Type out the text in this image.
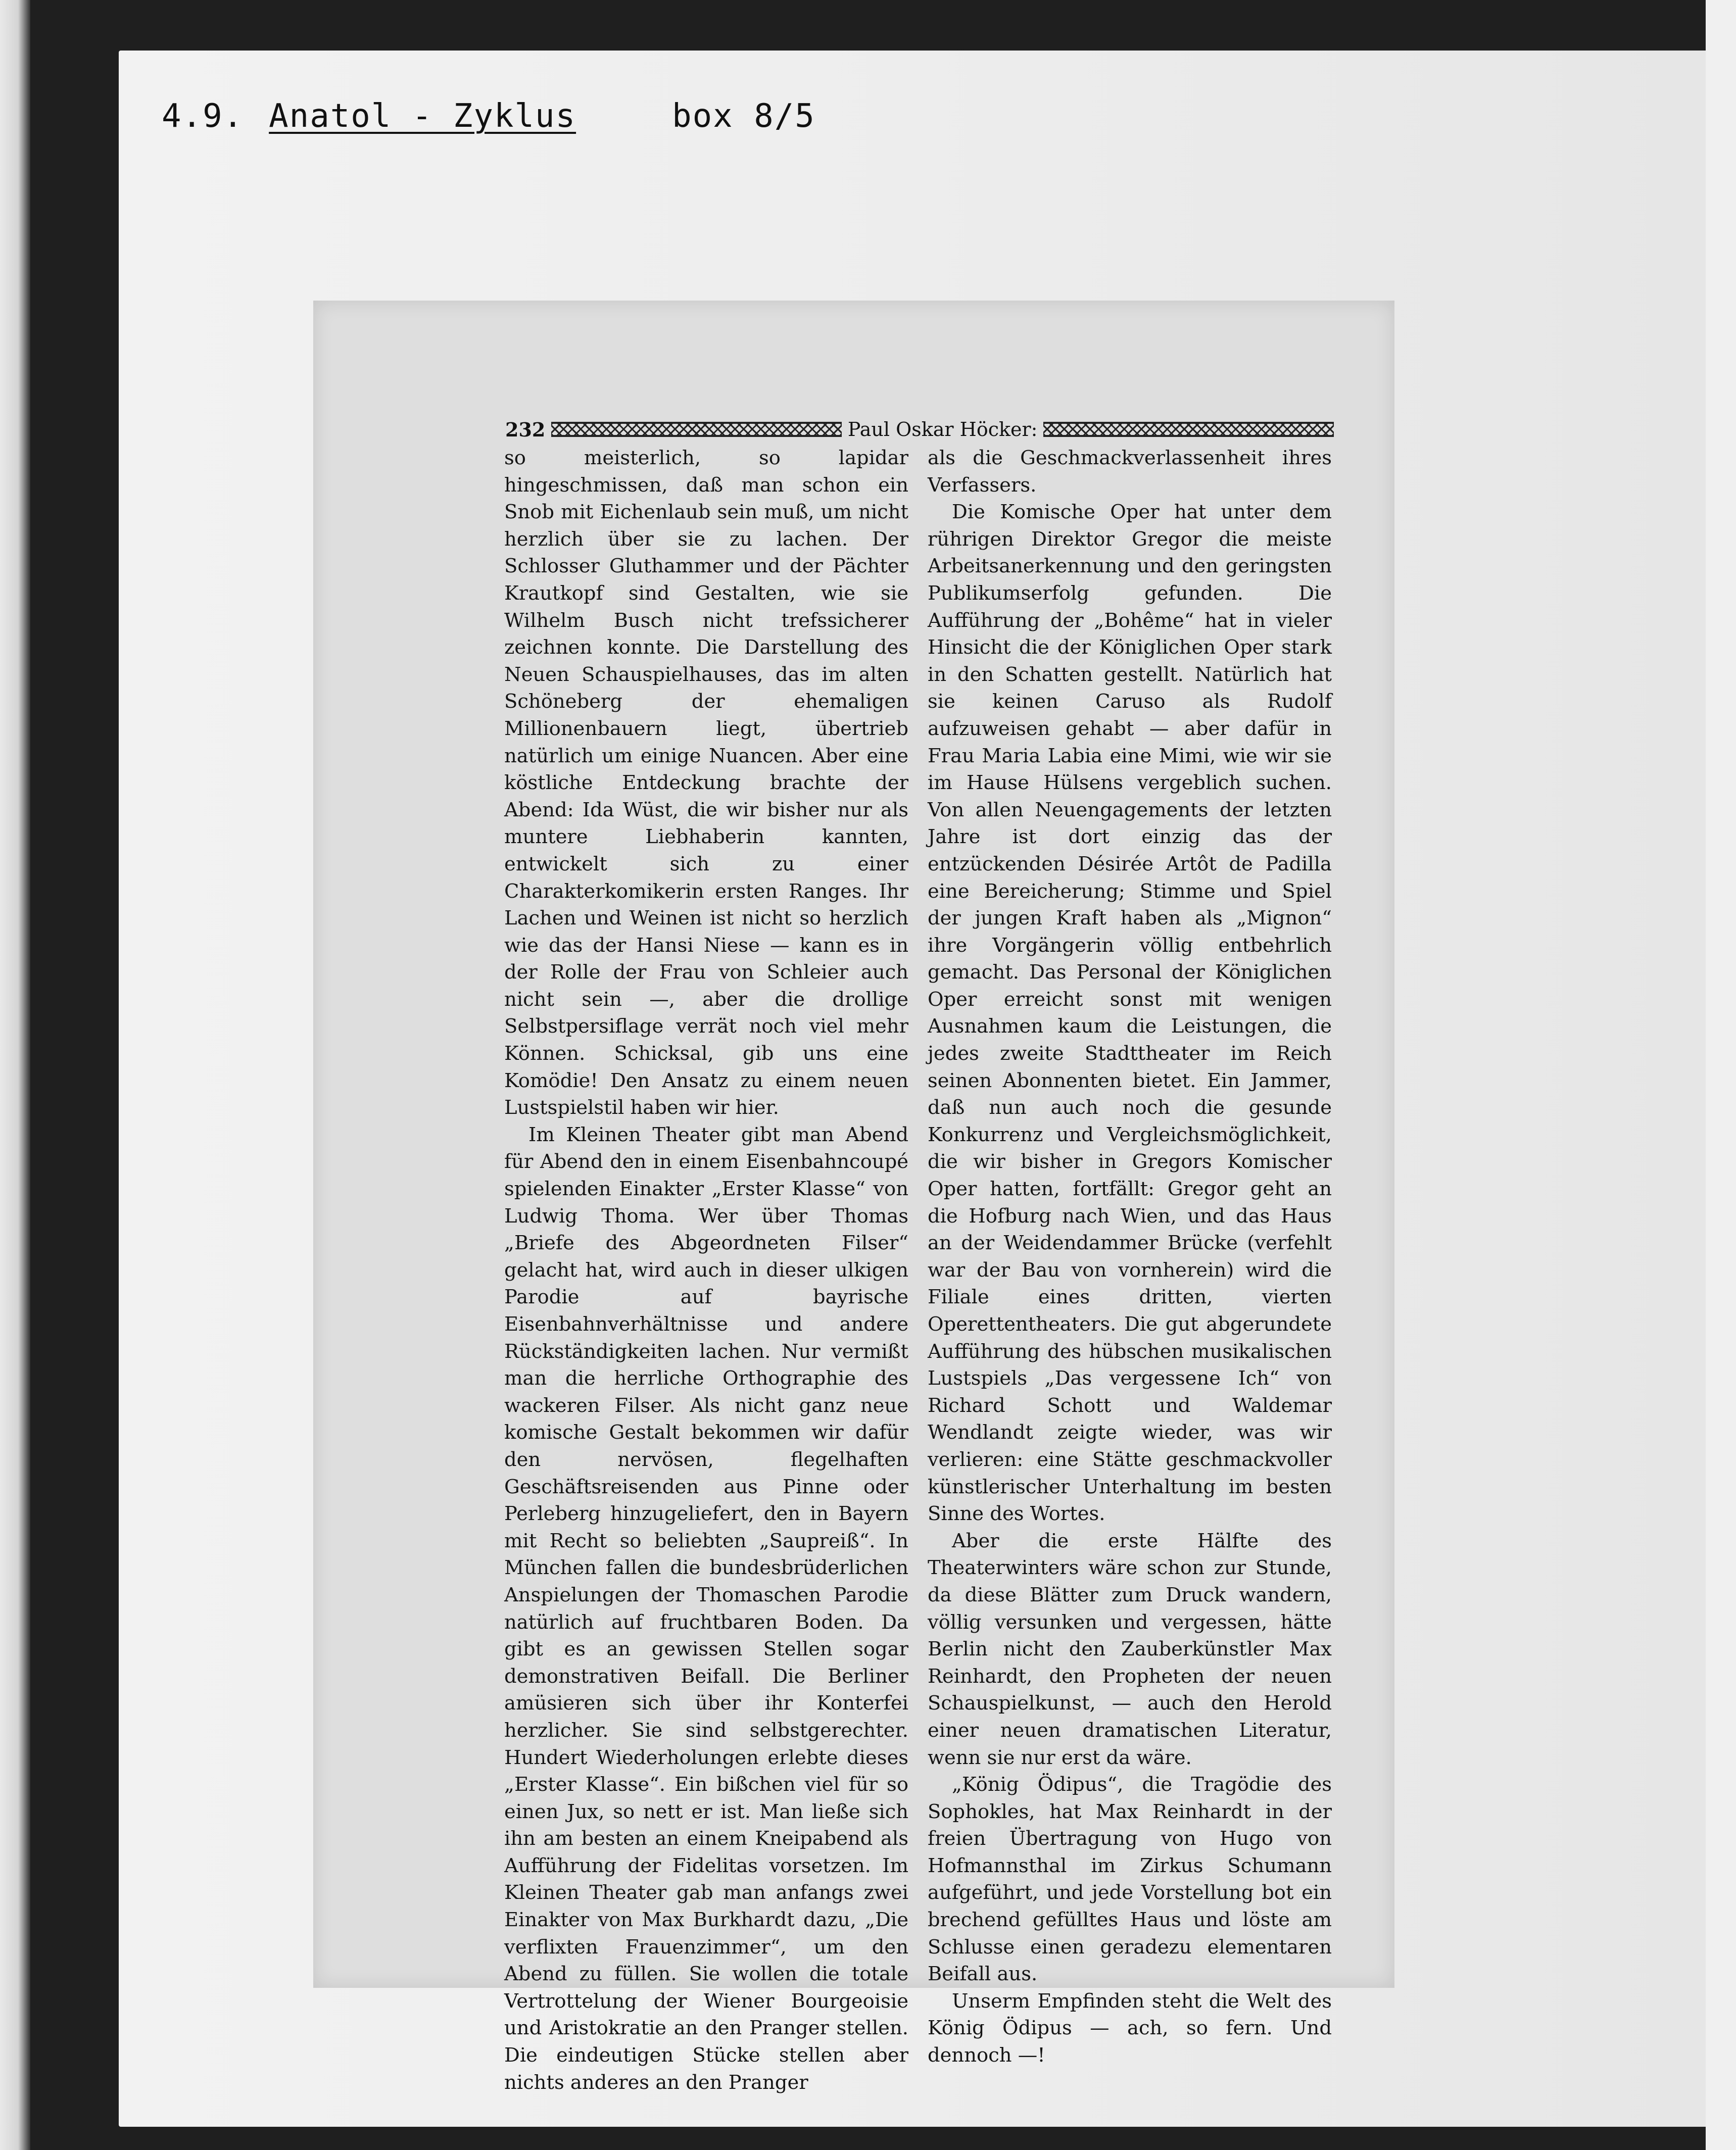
4.9. Anatol - Zyklus	box 8/5
232	Paul Oskar Höcker:

so meisterlich, so lapidar hingeschmissen, daß man schon ein Snob mit Eichenlaub sein muß, um nicht herzlich über sie zu lachen. Der Schlosser Gluthammer und der Pächter Krautkopf sind Gestalten, wie sie Wilhelm Busch nicht trefssicherer zeichnen konnte. Die Darstellung des Neuen Schauspielhauses, das im alten Schöneberg der ehemaligen Millionenbauern liegt, übertrieb natürlich um einige Nuancen. Aber eine köstliche Entdeckung brachte der Abend: Ida Wüst, die wir bisher nur als muntere Liebhaberin kannten, entwickelt sich zu einer Charakterkomikerin ersten Ranges. Ihr Lachen und Weinen ist nicht so herzlich wie das der Hansi Niese — kann es in der Rolle der Frau von Schleier auch nicht sein —, aber die drollige Selbstpersiflage verrät noch viel mehr Können. Schicksal, gib uns eine Komödie! Den Ansatz zu einem neuen Lustspielstil haben wir hier.

Im Kleinen Theater gibt man Abend für Abend den in einem Eisenbahncoupé spielenden Einakter „Erster Klasse“ von Ludwig Thoma. Wer über Thomas „Briefe des Abgeordneten Filser“ gelacht hat, wird auch in dieser ulkigen Parodie auf bayrische Eisenbahnverhältnisse und andere Rückständigkeiten lachen. Nur vermißt man die herrliche Orthographie des wackeren Filser. Als nicht ganz neue komische Gestalt bekommen wir dafür den nervösen, flegelhaften Geschäftsreisenden aus Pinne oder Perleberg hinzugeliefert, den in Bayern mit Recht so beliebten „Saupreiß“. In München fallen die bundesbrüderlichen Anspielungen der Thomaschen Parodie natürlich auf fruchtbaren Boden. Da gibt es an gewissen Stellen sogar demonstrativen Beifall. Die Berliner amüsieren sich über ihr Konterfei herzlicher. Sie sind selbstgerechter. Hundert Wiederholungen erlebte dieses „Erster Klasse“. Ein bißchen viel für so einen Jux, so nett er ist. Man ließe sich ihn am besten an einem Kneipabend als Aufführung der Fidelitas vorsetzen. Im Kleinen Theater gab man anfangs zwei Einakter von Max Burkhardt dazu, „Die verflixten Frauenzimmer“, um den Abend zu füllen. Sie wollen die totale Vertrottelung der Wiener Bourgeoisie und Aristokratie an den Pranger stellen. Die eindeutigen Stücke stellen aber nichts anderes an den Pranger

als die Geschmackverlassenheit ihres Verfassers.

Die Komische Oper hat unter dem rührigen Direktor Gregor die meiste Arbeitsanerkennung und den geringsten Publikumserfolg gefunden. Die Aufführung der „Bohême“ hat in vieler Hinsicht die der Königlichen Oper stark in den Schatten gestellt. Natürlich hat sie keinen Caruso als Rudolf aufzuweisen gehabt — aber dafür in Frau Maria Labia eine Mimi, wie wir sie im Hause Hülsens vergeblich suchen. Von allen Neuengagements der letzten Jahre ist dort einzig das der entzückenden Désirée Artôt de Padilla eine Bereicherung; Stimme und Spiel der jungen Kraft haben als „Mignon“ ihre Vorgängerin völlig entbehrlich gemacht. Das Personal der Königlichen Oper erreicht sonst mit wenigen Ausnahmen kaum die Leistungen, die jedes zweite Stadttheater im Reich seinen Abonnenten bietet. Ein Jammer, daß nun auch noch die gesunde Konkurrenz und Vergleichsmöglichkeit, die wir bisher in Gregors Komischer Oper hatten, fortfällt: Gregor geht an die Hofburg nach Wien, und das Haus an der Weidendammer Brücke (verfehlt war der Bau von vornherein) wird die Filiale eines dritten, vierten Operettentheaters. Die gut abgerundete Aufführung des hübschen musikalischen Lustspiels „Das vergessene Ich“ von Richard Schott und Waldemar Wendlandt zeigte wieder, was wir verlieren: eine Stätte geschmackvoller künstlerischer Unterhaltung im besten Sinne des Wortes.

Aber die erste Hälfte des Theaterwinters wäre schon zur Stunde, da diese Blätter zum Druck wandern, völlig versunken und vergessen, hätte Berlin nicht den Zauberkünstler Max Reinhardt, den Propheten der neuen Schauspielkunst, — auch den Herold einer neuen dramatischen Literatur, wenn sie nur erst da wäre.

„König Ödipus“, die Tragödie des Sophokles, hat Max Reinhardt in der freien Übertragung von Hugo von Hofmannsthal im Zirkus Schumann aufgeführt, und jede Vorstellung bot ein brechend gefülltes Haus und löste am Schlusse einen geradezu elementaren Beifall aus.

Unserm Empfinden steht die Welt des König Ödipus — ach, so fern. Und dennoch —!
